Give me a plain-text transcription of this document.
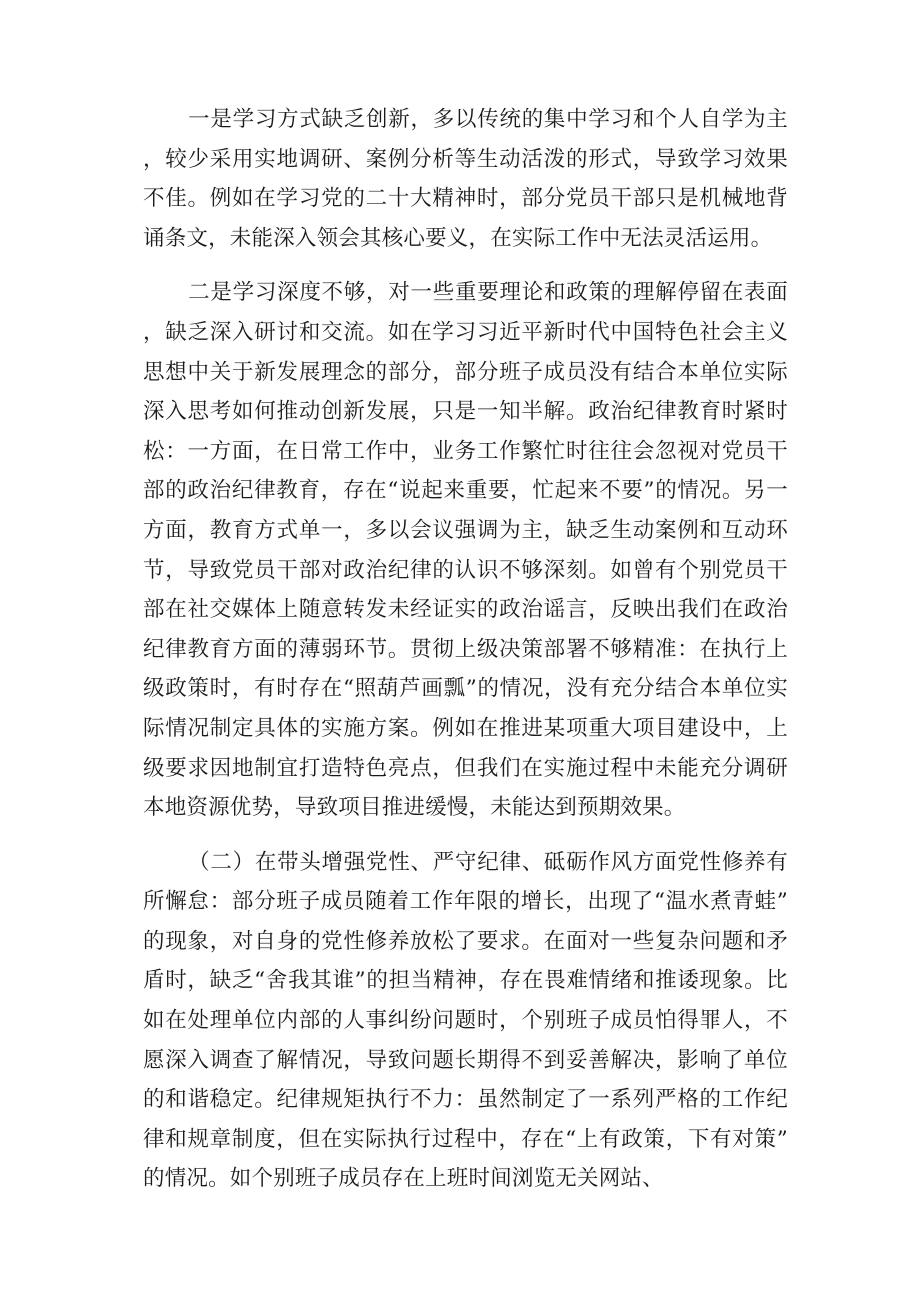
一是学习方式缺乏创新，多以传统的集中学习和个人自学为主，较少采用实地调研、案例分析等生动活泼的形式，导致学习效果不佳。例如在学习党的二十大精神时，部分党员干部只是机械地背诵条文，未能深入领会其核心要义，在实际工作中无法灵活运用。

二是学习深度不够，对一些重要理论和政策的理解停留在表面，缺乏深入研讨和交流。如在学习习近平新时代中国特色社会主义思想中关于新发展理念的部分，部分班子成员没有结合本单位实际深入思考如何推动创新发展，只是一知半解。政治纪律教育时紧时松：一方面，在日常工作中，业务工作繁忙时往往会忽视对党员干部的政治纪律教育，存在“说起来重要，忙起来不要”的情况。另一方面，教育方式单一，多以会议强调为主，缺乏生动案例和互动环节，导致党员干部对政治纪律的认识不够深刻。如曾有个别党员干部在社交媒体上随意转发未经证实的政治谣言，反映出我们在政治纪律教育方面的薄弱环节。贯彻上级决策部署不够精准：在执行上级政策时，有时存在“照葫芦画瓢”的情况，没有充分结合本单位实际情况制定具体的实施方案。例如在推进某项重大项目建设中，上级要求因地制宜打造特色亮点，但我们在实施过程中未能充分调研本地资源优势，导致项目推进缓慢，未能达到预期效果。

（二）在带头增强党性、严守纪律、砥砺作风方面党性修养有所懈怠：部分班子成员随着工作年限的增长，出现了“温水煮青蛙”的现象，对自身的党性修养放松了要求。在面对一些复杂问题和矛盾时，缺乏“舍我其谁”的担当精神，存在畏难情绪和推诿现象。比如在处理单位内部的人事纠纷问题时，个别班子成员怕得罪人，不愿深入调查了解情况，导致问题长期得不到妥善解决，影响了单位的和谐稳定。纪律规矩执行不力：虽然制定了一系列严格的工作纪律和规章制度，但在实际执行过程中，存在“上有政策，下有对策”的情况。如个别班子成员存在上班时间浏览无关网站、
